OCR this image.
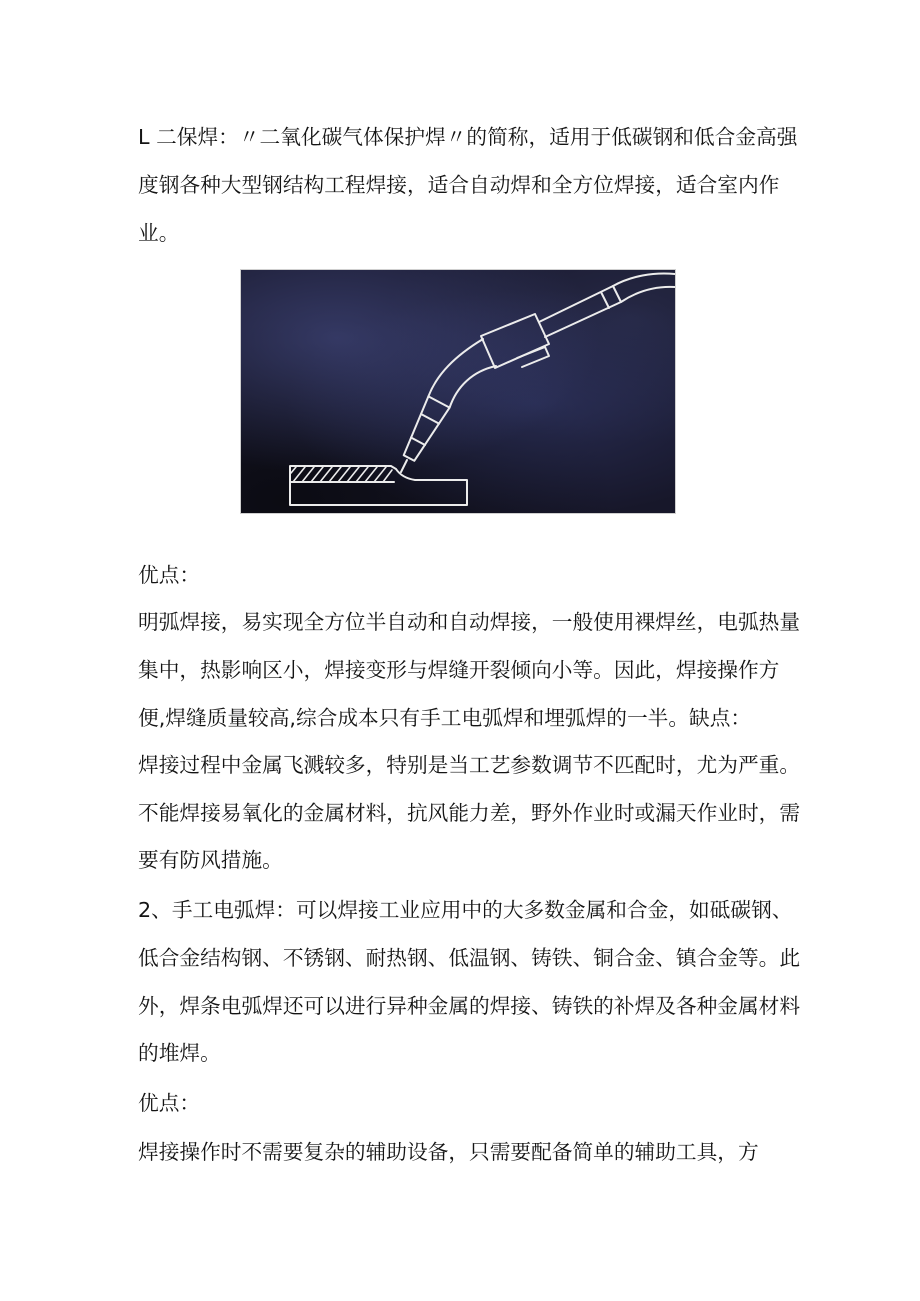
L 二保焊：〃二氧化碳气体保护焊〃的简称，适用于低碳钢和低合金高强
度钢各种大型钢结构工程焊接，适合自动焊和全方位焊接，适合室内作
业。
优点：
明弧焊接，易实现全方位半自动和自动焊接，一般使用裸焊丝，电弧热量
集中，热影响区小，焊接变形与焊缝开裂倾向小等。因此，焊接操作方
便,焊缝质量较高,综合成本只有手工电弧焊和埋弧焊的一半。缺点：
焊接过程中金属飞溅较多，特别是当工艺参数调节不匹配时，尤为严重。
不能焊接易氧化的金属材料，抗风能力差，野外作业时或漏天作业时，需
要有防风措施。
2、手工电弧焊：可以焊接工业应用中的大多数金属和合金，如砥碳钢、
低合金结构钢、不锈钢、耐热钢、低温钢、铸铁、铜合金、镇合金等。此
外，焊条电弧焊还可以进行异种金属的焊接、铸铁的补焊及各种金属材料
的堆焊。
优点：
焊接操作时不需要复杂的辅助设备，只需要配备简单的辅助工具，方
